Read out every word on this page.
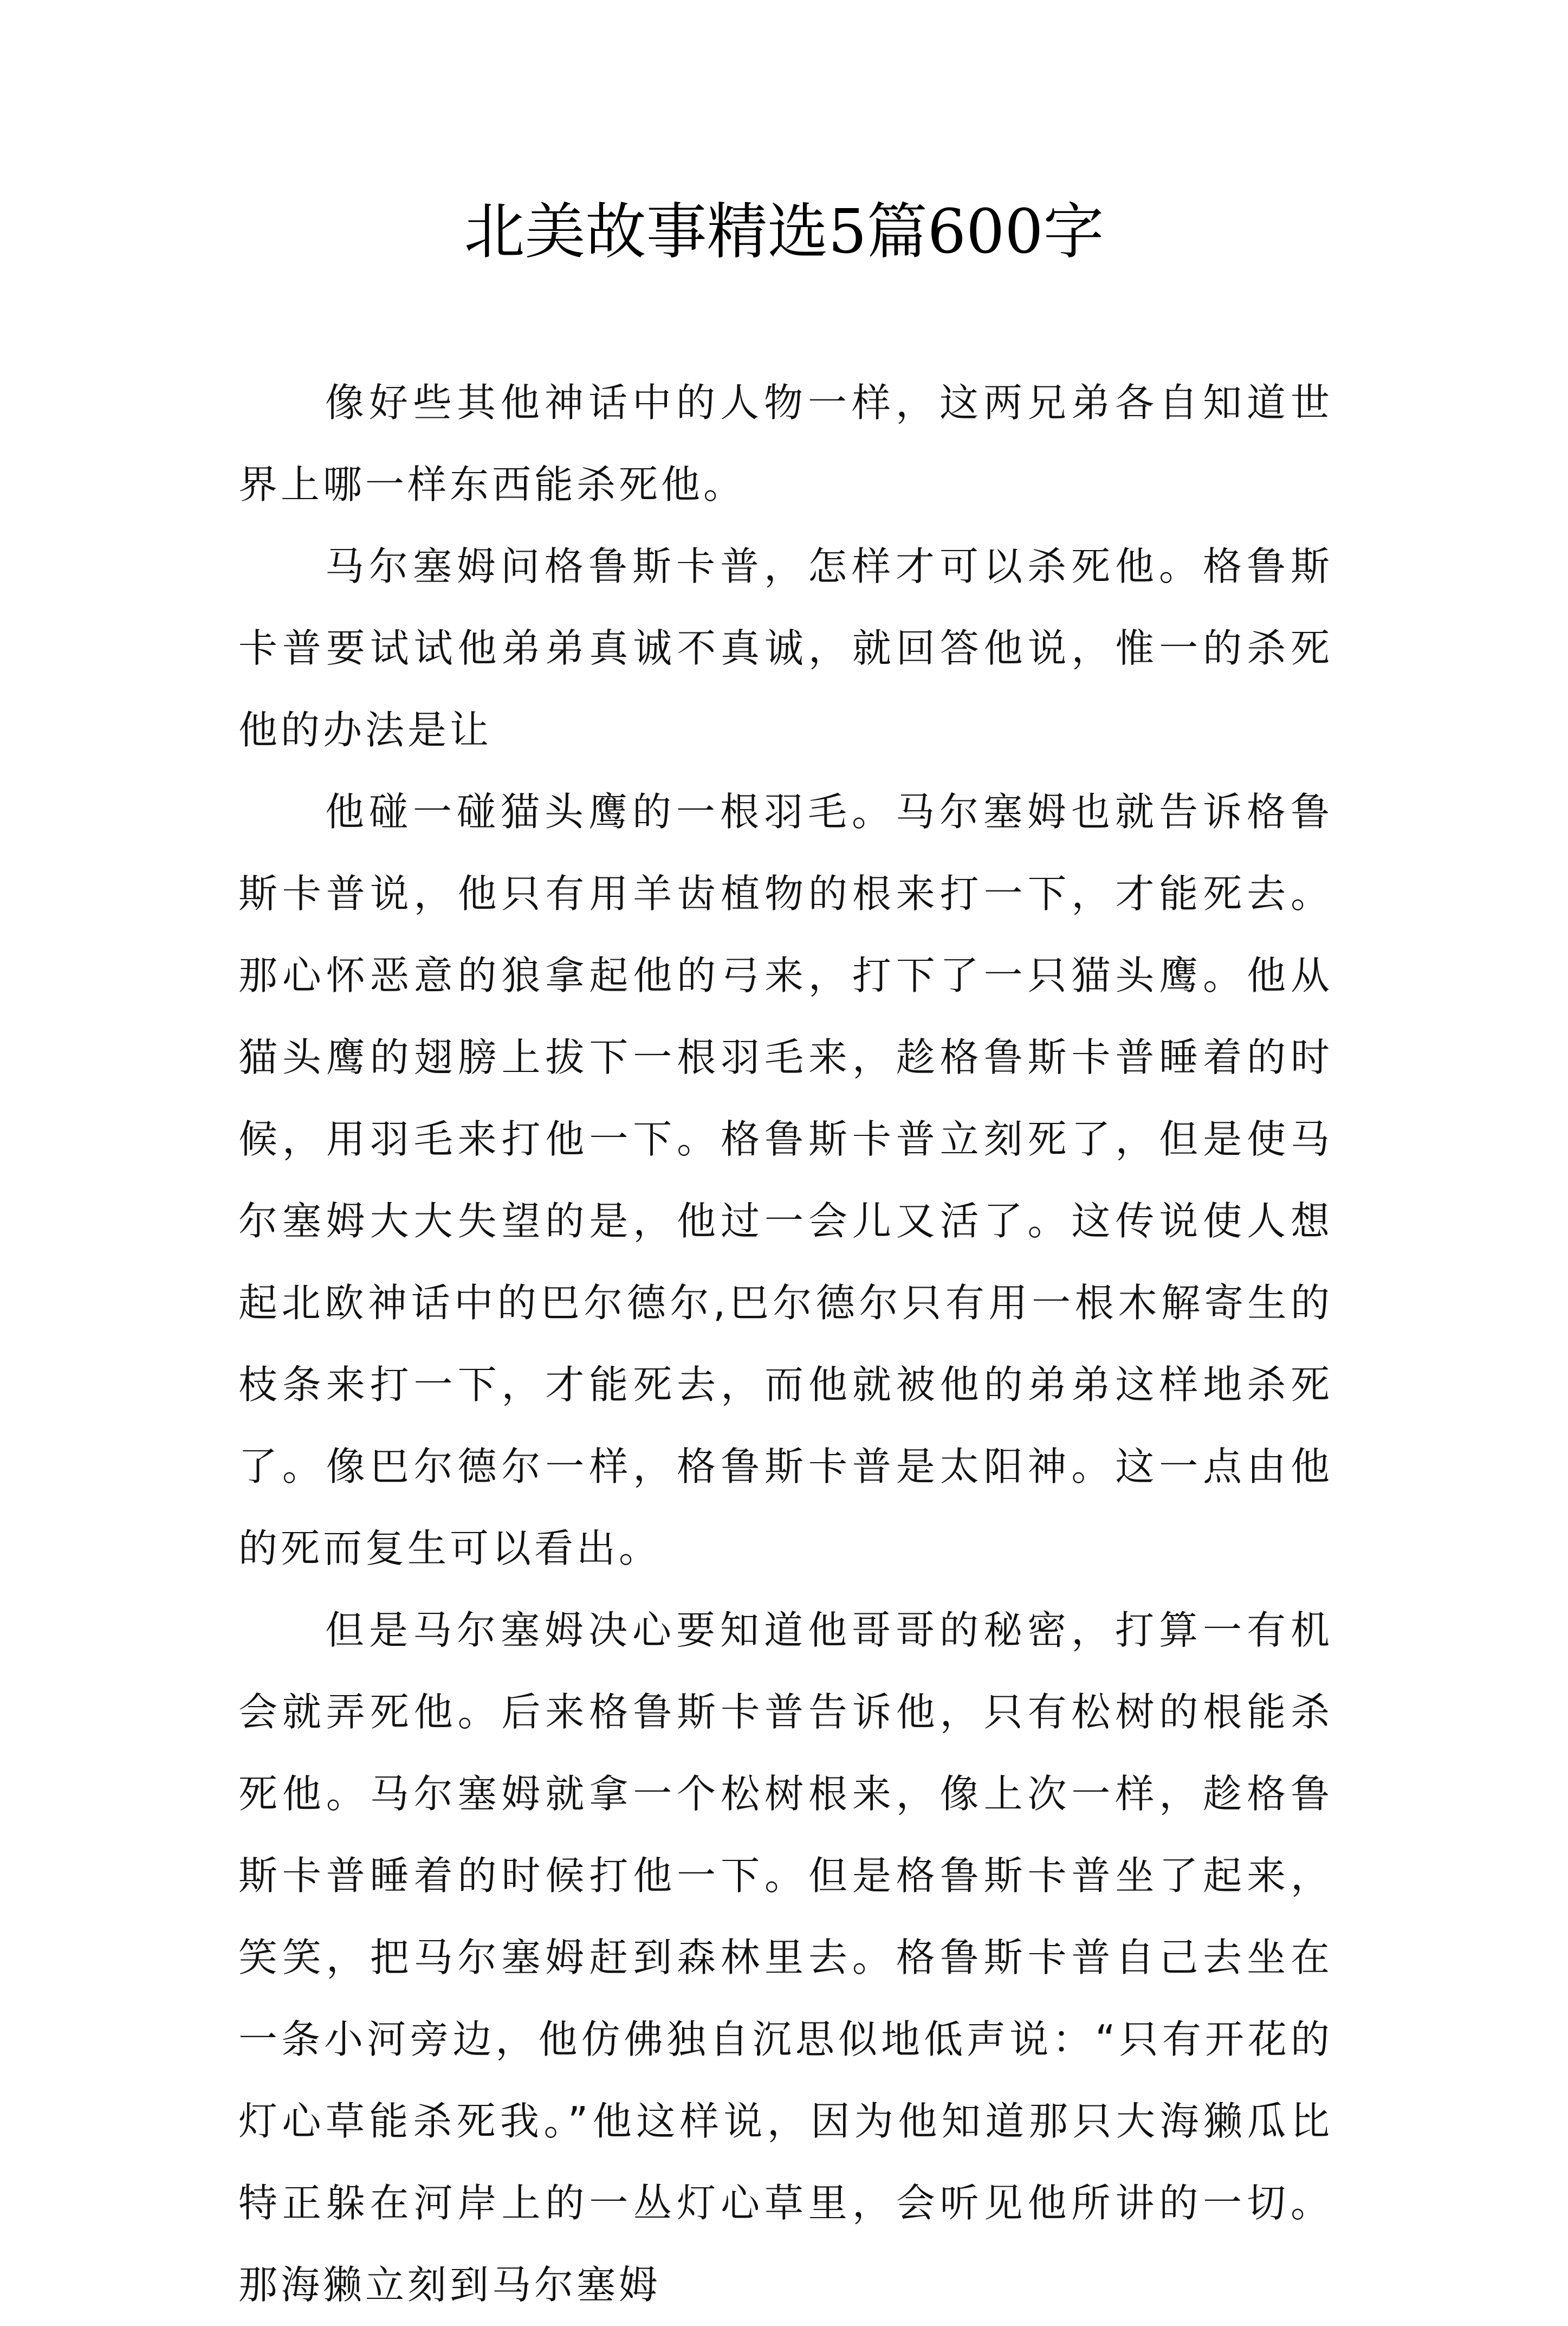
北美故事精选5篇600字

像好些其他神话中的人物一样，这两兄弟各自知道世界上哪一样东西能杀死他。

马尔塞姆问格鲁斯卡普，怎样才可以杀死他。格鲁斯卡普要试试他弟弟真诚不真诚，就回答他说，惟一的杀死他的办法是让

他碰一碰猫头鹰的一根羽毛。马尔塞姆也就告诉格鲁斯卡普说，他只有用羊齿植物的根来打一下，才能死去。那心怀恶意的狼拿起他的弓来，打下了一只猫头鹰。他从猫头鹰的翅膀上拔下一根羽毛来，趁格鲁斯卡普睡着的时候，用羽毛来打他一下。格鲁斯卡普立刻死了，但是使马尔塞姆大大失望的是，他过一会儿又活了。这传说使人想起北欧神话中的巴尔德尔,巴尔德尔只有用一根木解寄生的枝条来打一下，才能死去，而他就被他的弟弟这样地杀死了。像巴尔德尔一样，格鲁斯卡普是太阳神。这一点由他的死而复生可以看出。

但是马尔塞姆决心要知道他哥哥的秘密，打算一有机会就弄死他。后来格鲁斯卡普告诉他，只有松树的根能杀死他。马尔塞姆就拿一个松树根来，像上次一样，趁格鲁斯卡普睡着的时候打他一下。但是格鲁斯卡普坐了起来，笑笑，把马尔塞姆赶到森林里去。格鲁斯卡普自己去坐在一条小河旁边，他仿佛独自沉思似地低声说：“只有开花的灯心草能杀死我。”他这样说，因为他知道那只大海獭瓜比特正躲在河岸上的一丛灯心草里，会听见他所讲的一切。那海獭立刻到马尔塞姆
